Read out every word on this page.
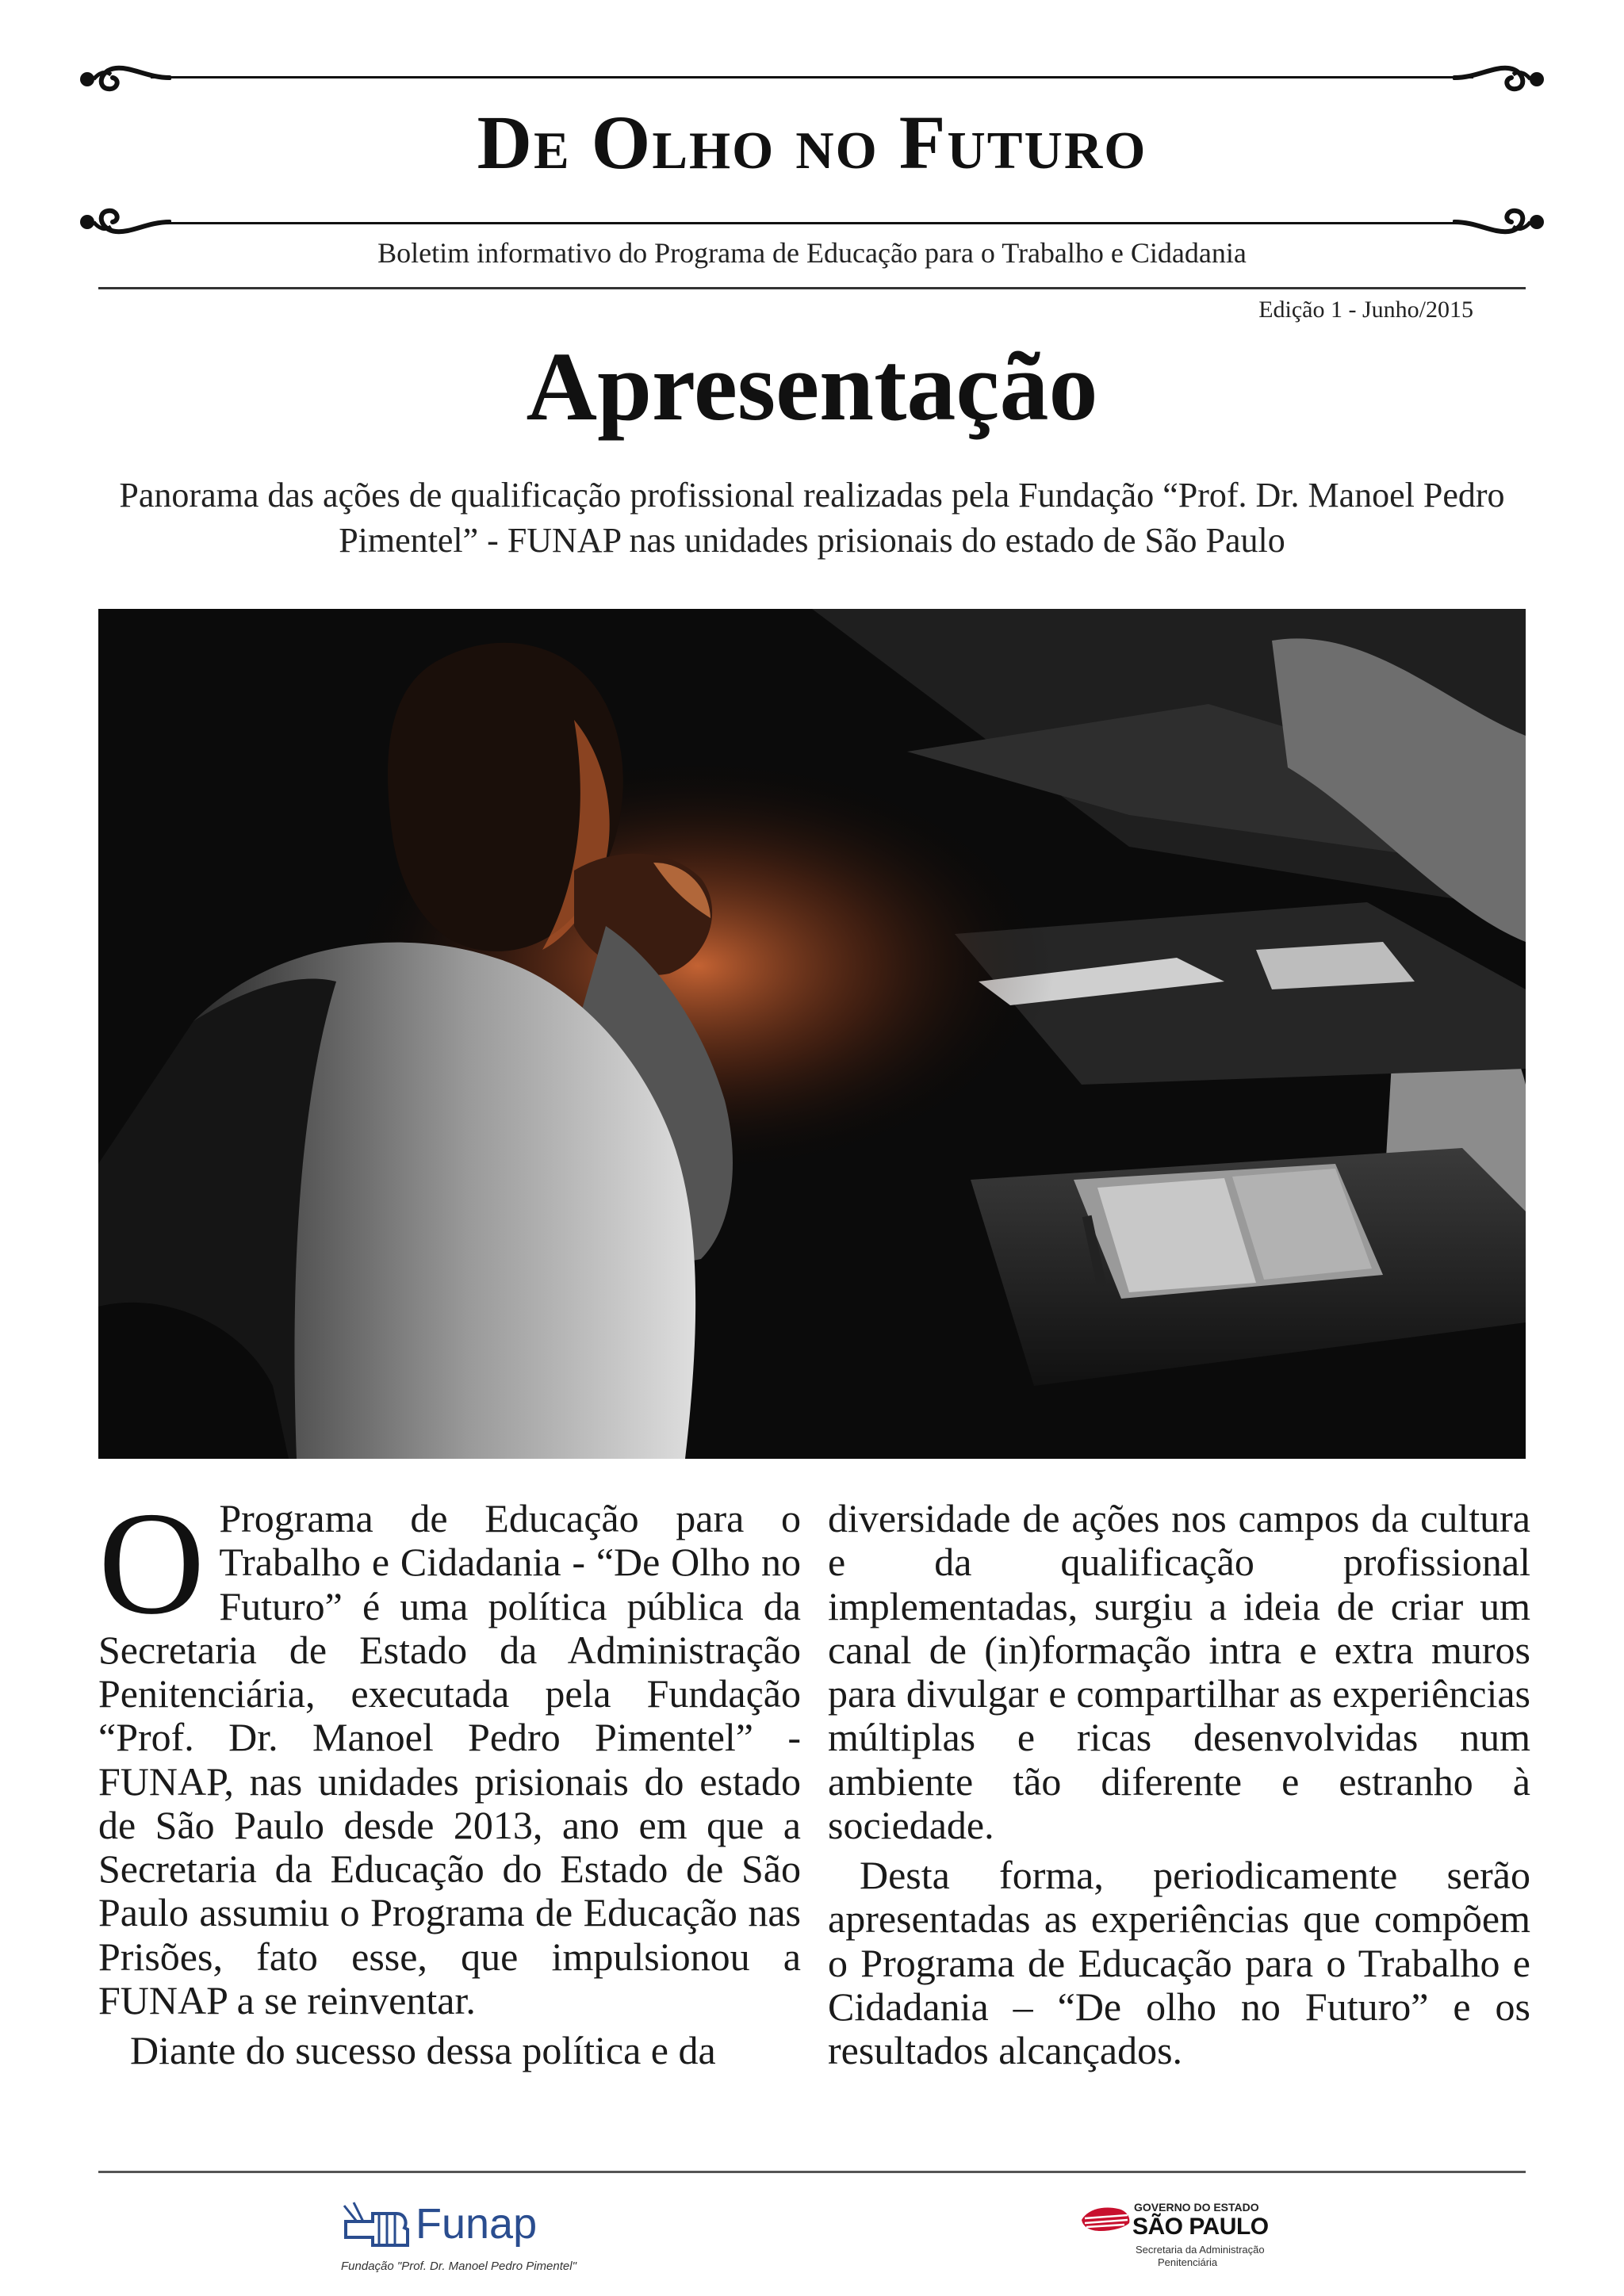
De Olho no Futuro
Boletim informativo do Programa de Educação para o Trabalho e Cidadania
Edição 1 - Junho/2015
Apresentação

Panorama das ações de qualificação profissional realizadas pela Fundação “Prof. Dr. Manoel Pedro Pimentel” - FUNAP nas unidades prisionais do estado de São Paulo

O Programa de Educação para o Trabalho e Cidadania - “De Olho no Futuro” é uma política pública da Secretaria de Estado da Administração Penitenciária, executada pela Fundação “Prof. Dr. Manoel Pedro Pimentel” - FUNAP, nas unidades prisionais do estado de São Paulo desde 2013, ano em que a Secretaria da Educação do Estado de São Paulo assumiu o Programa de Educação nas Prisões, fato esse, que impulsionou a FUNAP a se reinventar.

Diante do sucesso dessa política e da

diversidade de ações nos campos da cultura e da qualificação profissional implementadas, surgiu a ideia de criar um canal de (in)formação intra e extra muros para divulgar e compartilhar as experiências múltiplas e ricas desenvolvidas num ambiente tão diferente e estranho à sociedade.

Desta forma, periodicamente serão apresentadas as experiências que compõem o Programa de Educação para o Trabalho e Cidadania – “De olho no Futuro” e os resultados alcançados.

Funap
Fundação "Prof. Dr. Manoel Pedro Pimentel"
GOVERNO DO ESTADO
SÃO PAULO
Secretaria da Administração
Penitenciária
